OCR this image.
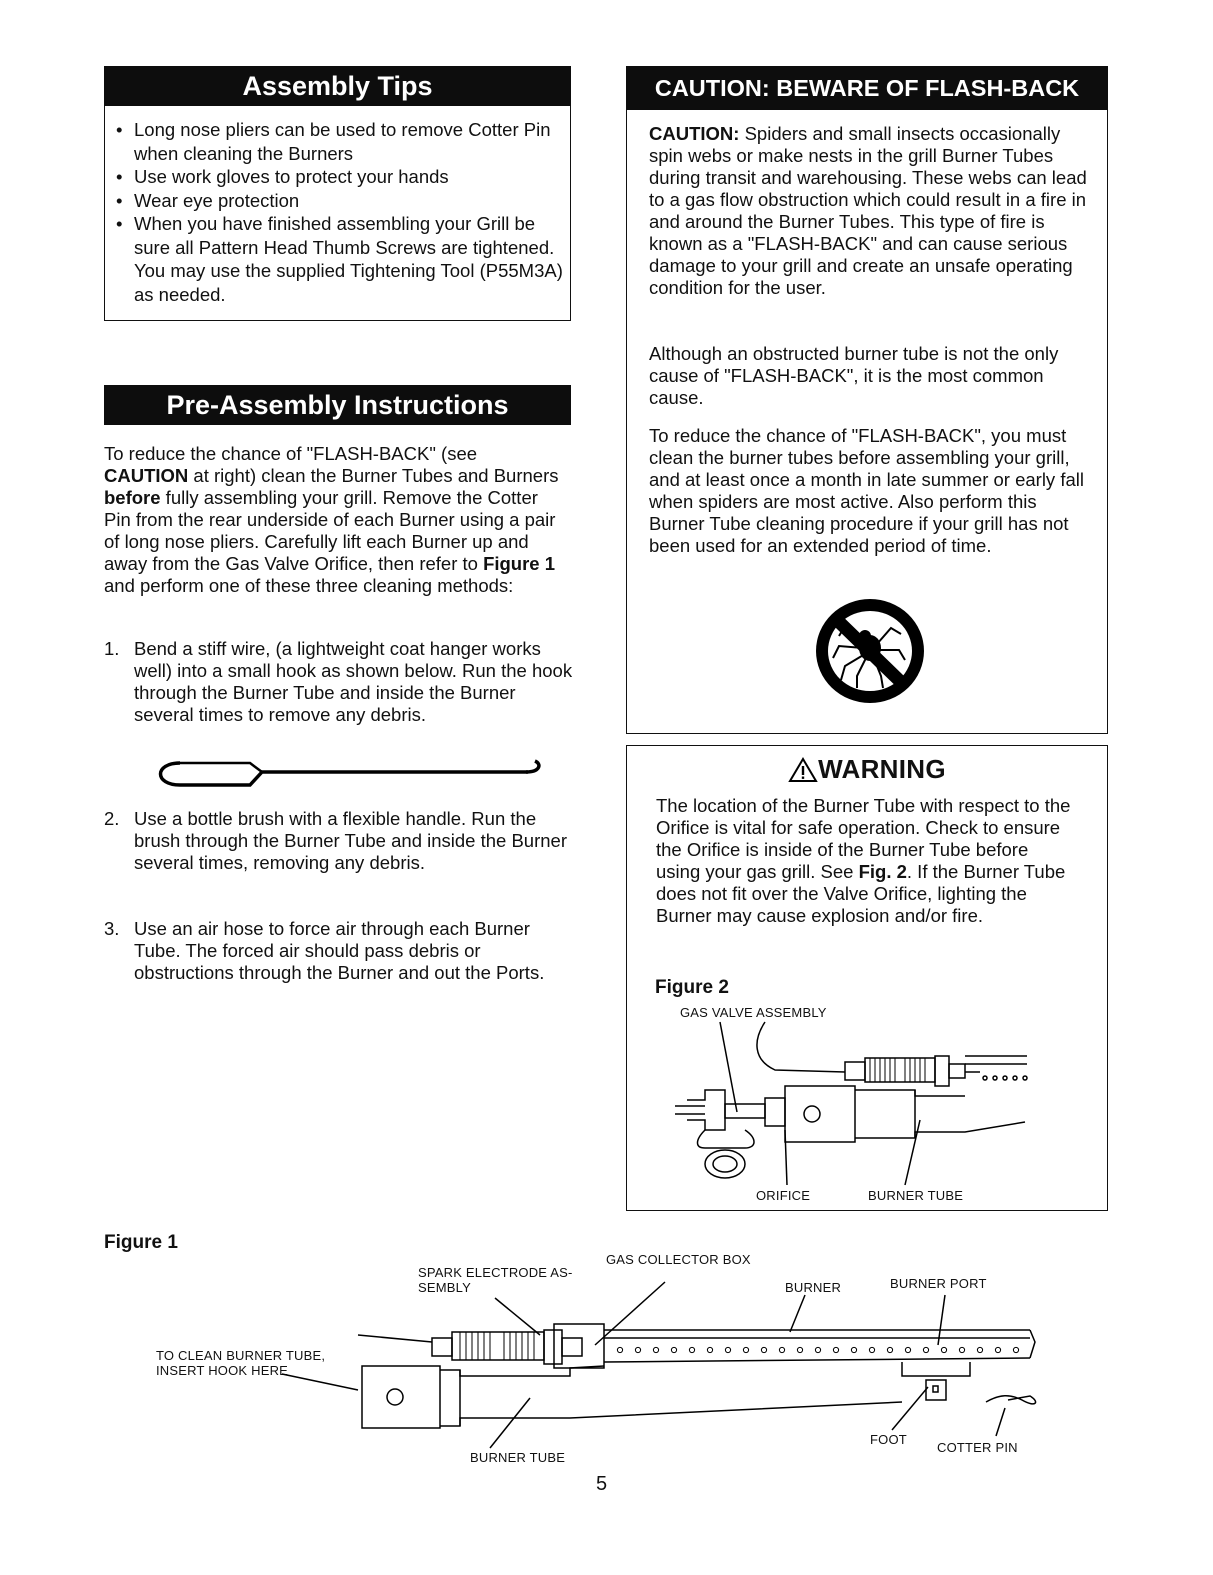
Assembly Tips
• Long nose pliers can be used to remove Cotter Pin when cleaning the Burners
• Use work gloves to protect your hands
• Wear eye protection
• When you have finished assembling your Grill be sure all Pattern Head Thumb Screws are tightened. You may use the supplied Tightening Tool (P55M3A) as needed.
Pre-Assembly Instructions
To reduce the chance of "FLASH-BACK" (see CAUTION at right) clean the Burner Tubes and Burners before fully assembling your grill. Remove the Cotter Pin from the rear underside of each Burner using a pair of long nose pliers. Carefully lift each Burner up and away from the Gas Valve Orifice, then refer to Figure 1 and perform one of these three cleaning methods:
1. Bend a stiff wire, (a lightweight coat hanger works well) into a small hook as shown below. Run the hook through the Burner Tube and inside the Burner several times to remove any debris.
2. Use a bottle brush with a flexible handle. Run the brush through the Burner Tube and inside the Burner several times, removing any debris.
3. Use an air hose to force air through each Burner Tube. The forced air should pass debris or obstructions through the Burner and out the Ports.
CAUTION: BEWARE OF FLASH-BACK
CAUTION: Spiders and small insects occasionally spin webs or make nests in the grill Burner Tubes during transit and warehousing. These webs can lead to a gas flow obstruction which could result in a fire in and around the Burner Tubes. This type of fire is known as a "FLASH-BACK" and can cause serious damage to your grill and create an unsafe operating condition for the user.
Although an obstructed burner tube is not the only cause of "FLASH-BACK", it is the most common cause.
To reduce the chance of "FLASH-BACK", you must clean the burner tubes before assembling your grill, and at least once a month in late summer or early fall when spiders are most active. Also perform this Burner Tube cleaning procedure if your grill has not been used for an extended period of time.
WARNING
The location of the Burner Tube with respect to the Orifice is vital for safe operation. Check to ensure the Orifice is inside of the Burner Tube before using your gas grill. See Fig. 2. If the Burner Tube does not fit over the Valve Orifice, lighting the Burner may cause explosion and/or fire.
Figure 2
GAS VALVE ASSEMBLY
ORIFICE	BURNER TUBE
Figure 1
SPARK ELECTRODE AS-
SEMBLY
GAS COLLECTOR BOX
BURNER	BURNER PORT
TO CLEAN BURNER TUBE,
INSERT HOOK HERE
FOOT
COTTER PIN
BURNER TUBE
5
